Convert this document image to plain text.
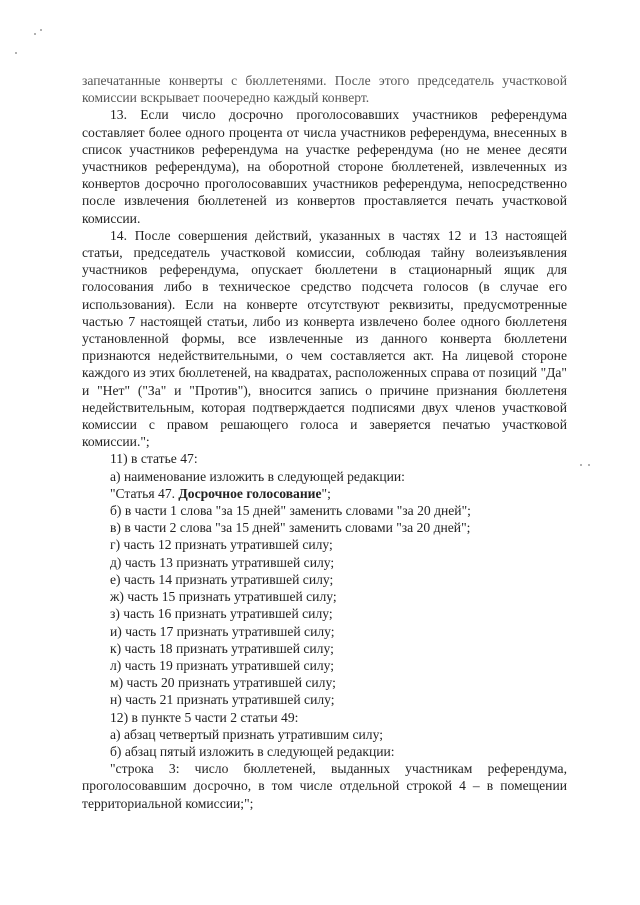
запечатанные конверты с бюллетенями. После этого председатель участковой комиссии вскрывает поочередно каждый конверт.

13. Если число досрочно проголосовавших участников референдума составляет более одного процента от числа участников референдума, внесенных в список участников референдума на участке референдума (но не менее десяти участников референдума), на оборотной стороне бюллетеней, извлеченных из конвертов досрочно проголосовавших участников референдума, непосредственно после извлечения бюллетеней из конвертов проставляется печать участковой комиссии.

14. После совершения действий, указанных в частях 12 и 13 настоящей статьи, председатель участковой комиссии, соблюдая тайну волеизъявления участников референдума, опускает бюллетени в стационарный ящик для голосования либо в техническое средство подсчета голосов (в случае его использования). Если на конверте отсутствуют реквизиты, предусмотренные частью 7 настоящей статьи, либо из конверта извлечено более одного бюллетеня установленной формы, все извлеченные из данного конверта бюллетени признаются недействительными, о чем составляется акт. На лицевой стороне каждого из этих бюллетеней, на квадратах, расположенных справа от позиций "Да" и "Нет" ("За" и "Против"), вносится запись о причине признания бюллетеня недействительным, которая подтверждается подписями двух членов участковой комиссии с правом решающего голоса и заверяется печатью участковой комиссии.";

11) в статье 47:

а) наименование изложить в следующей редакции:

"Статья 47. Досрочное голосование";

б) в части 1 слова "за 15 дней" заменить словами "за 20 дней";

в) в части 2 слова "за 15 дней" заменить словами "за 20 дней";

г) часть 12 признать утратившей силу;

д) часть 13 признать утратившей силу;

е) часть 14 признать утратившей силу;

ж) часть 15 признать утратившей силу;

з) часть 16 признать утратившей силу;

и) часть 17 признать утратившей силу;

к) часть 18 признать утратившей силу;

л) часть 19 признать утратившей силу;

м) часть 20 признать утратившей силу;

н) часть 21 признать утратившей силу;

12) в пункте 5 части 2 статьи 49:

а) абзац четвертый признать утратившим силу;

б) абзац пятый изложить в следующей редакции:

"строка 3: число бюллетеней, выданных участникам референдума, проголосовавшим досрочно, в том числе отдельной строкой 4 – в помещении территориальной комиссии;";
